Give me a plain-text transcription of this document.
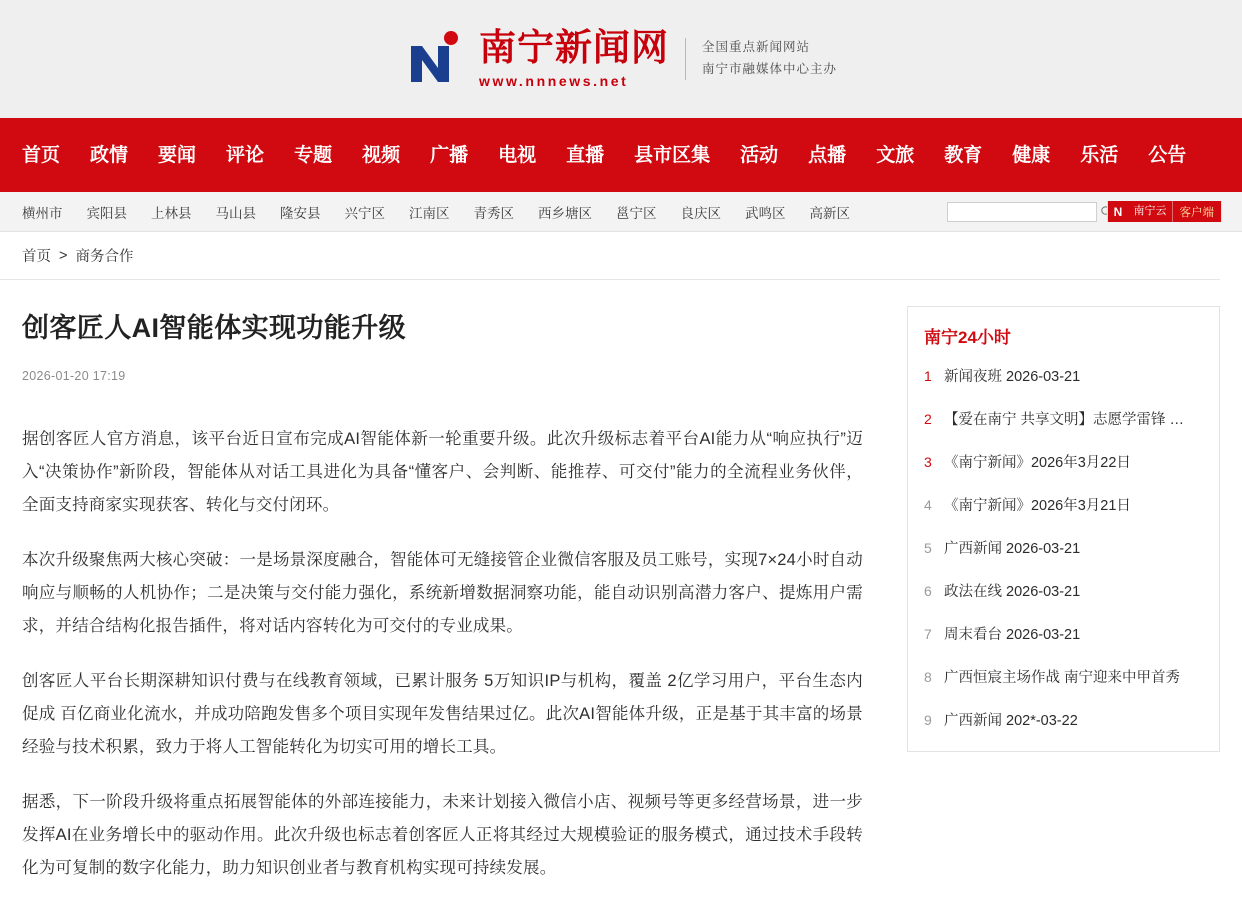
南宁新闻网
www.nnnews.net
全国重点新闻网站
南宁市融媒体中心主办
首页 政情 要闻 评论 专题 视频 广播 电视 直播 县市区集 活动 点播 文旅 教育 健康 乐活 公告
横州市 宾阳县 上林县 马山县 隆安县 兴宁区 江南区 青秀区 西乡塘区 邕宁区 良庆区 武鸣区 高新区	N	南宁云	客户端
首页 > 商务合作
创客匠人AI智能体实现功能升级
2026-01-20 17:19

据创客匠人官方消息，该平台近日宣布完成AI智能体新一轮重要升级。此次升级标志着平台AI能力从“响应执行”迈入“决策协作”新阶段，智能体从对话工具进化为具备“懂客户、会判断、能推荐、可交付”能力的全流程业务伙伴，全面支持商家实现获客、转化与交付闭环。

本次升级聚焦两大核心突破：一是场景深度融合，智能体可无缝接管企业微信客服及员工账号，实现7×24小时自动响应与顺畅的人机协作；二是决策与交付能力强化，系统新增数据洞察功能，能自动识别高潜力客户、提炼用户需求，并结合结构化报告插件，将对话内容转化为可交付的专业成果。

创客匠人平台长期深耕知识付费与在线教育领域，已累计服务 5万知识IP与机构，覆盖 2亿学习用户，平台生态内促成 百亿商业化流水，并成功陪跑发售多个项目实现年发售结果过亿。此次AI智能体升级，正是基于其丰富的场景经验与技术积累，致力于将人工智能转化为切实可用的增长工具。

据悉，下一阶段升级将重点拓展智能体的外部连接能力，未来计划接入微信小店、视频号等更多经营场景，进一步发挥AI在业务增长中的驱动作用。此次升级也标志着创客匠人正将其经过大规模验证的服务模式，通过技术手段转化为可复制的数字化能力，助力知识创业者与教育机构实现可持续发展。

南宁24小时
1 新闻夜班 2026-03-21
2 【爱在南宁 共享文明】志愿学雷锋 …
3 《南宁新闻》2026年3月22日
4 《南宁新闻》2026年3月21日
5 广西新闻 2026-03-21
6 政法在线 2026-03-21
7 周末看台 2026-03-21
8 广西恒宸主场作战 南宁迎来中甲首秀
9 广西新闻 202*-03-22
